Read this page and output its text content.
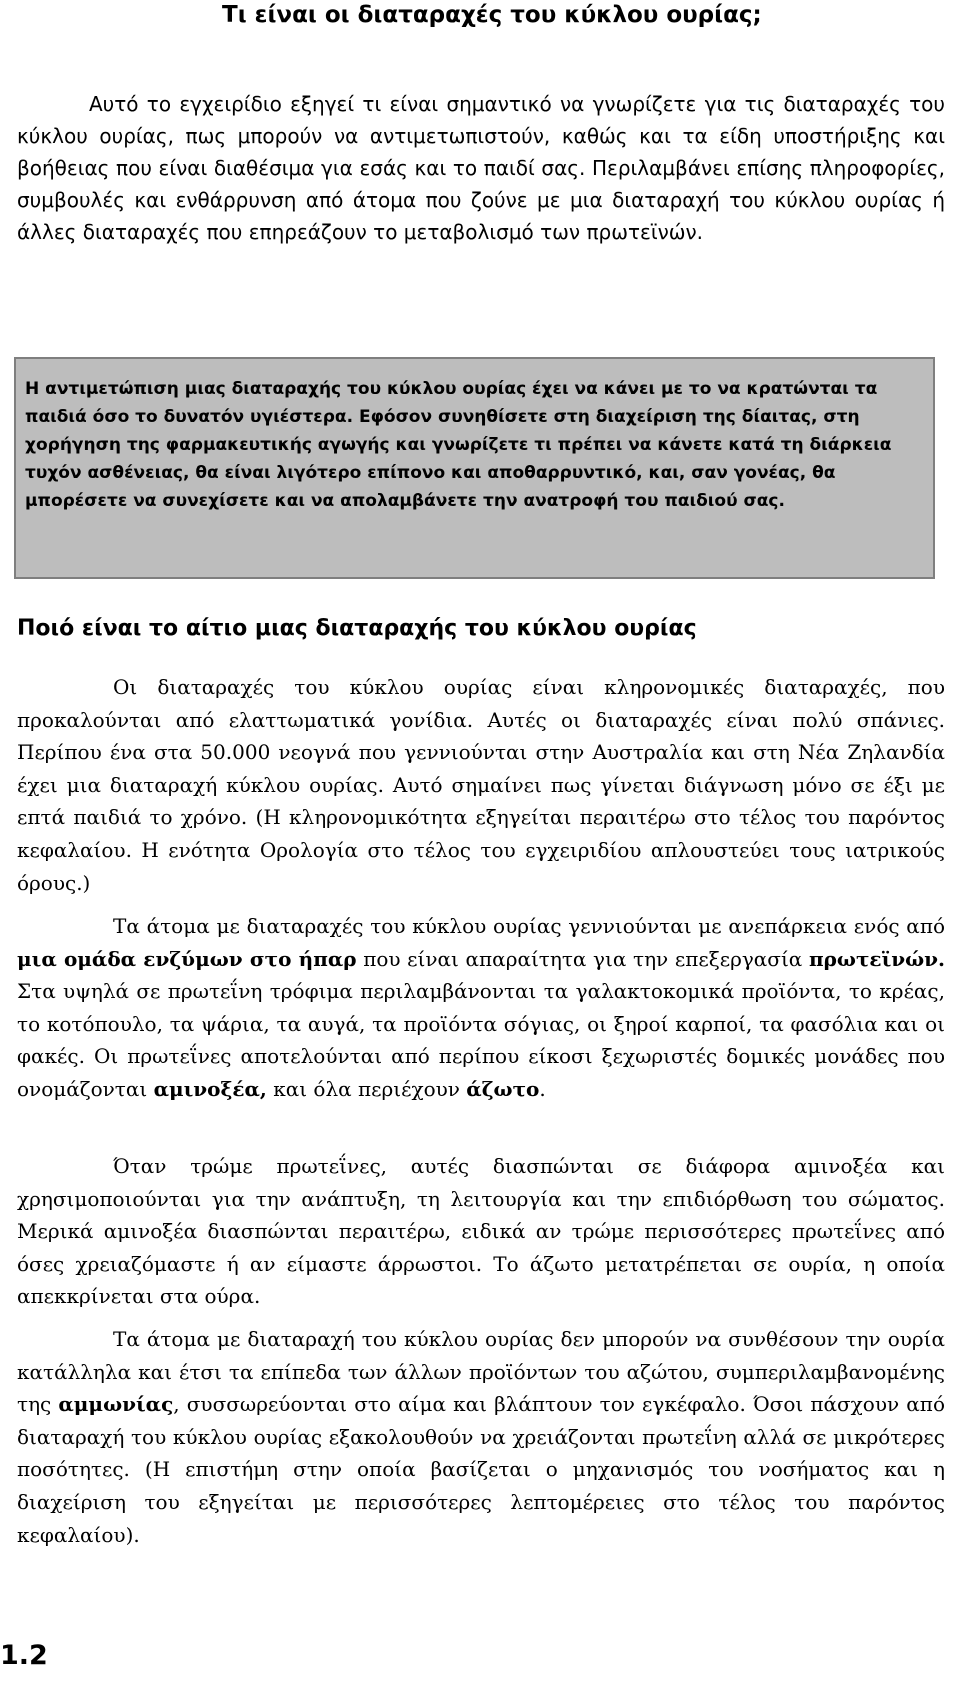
Τι είναι οι διαταραχές του κύκλου ουρίας;

Αυτό το εγχειρίδιο εξηγεί τι είναι σημαντικό να γνωρίζετε για τις διαταραχές του κύκλου ουρίας, πως μπορούν να αντιμετωπιστούν, καθώς και τα είδη υποστήριξης και βοήθειας που είναι διαθέσιμα για εσάς και το παιδί σας. Περιλαμβάνει επίσης πληροφορίες, συμβουλές και ενθάρρυνση από άτομα που ζούνε με μια διαταραχή του κύκλου ουρίας ή άλλες διαταραχές που επηρεάζουν το μεταβολισμό των πρωτεϊνών.

Η αντιμετώπιση μιας διαταραχής του κύκλου ουρίας έχει να κάνει με το να κρατώνται τα παιδιά όσο το δυνατόν υγιέστερα. Εφόσον συνηθίσετε στη διαχείριση της δίαιτας, στη χορήγηση της φαρμακευτικής αγωγής και γνωρίζετε τι πρέπει να κάνετε κατά τη διάρκεια τυχόν ασθένειας, θα είναι λιγότερο επίπονο και αποθαρρυντικό, και, σαν γονέας, θα μπορέσετε να συνεχίσετε και να απολαμβάνετε την ανατροφή του παιδιού σας.

Ποιό είναι το αίτιο μιας διαταραχής του κύκλου ουρίας

Οι διαταραχές του κύκλου ουρίας είναι κληρονομικές διαταραχές, που προκαλούνται από ελαττωματικά γονίδια. Αυτές οι διαταραχές είναι πολύ σπάνιες. Περίπου ένα στα 50.000 νεογνά που γεννιούνται στην Αυστραλία και στη Νέα Ζηλανδία έχει μια διαταραχή κύκλου ουρίας. Αυτό σημαίνει πως γίνεται διάγνωση μόνο σε έξι με επτά παιδιά το χρόνο. (Η κληρονομικότητα εξηγείται περαιτέρω στο τέλος του παρόντος κεφαλαίου. Η ενότητα Ορολογία στο τέλος του εγχειριδίου απλουστεύει τους ιατρικούς όρους.)

Τα άτομα με διαταραχές του κύκλου ουρίας γεννιούνται με ανεπάρκεια ενός από μια ομάδα ενζύμων στο ήπαρ που είναι απαραίτητα για την επεξεργασία πρωτεϊνών. Στα υψηλά σε πρωτεΐνη τρόφιμα περιλαμβάνονται τα γαλακτοκομικά προϊόντα, το κρέας, το κοτόπουλο, τα ψάρια, τα αυγά, τα προϊόντα σόγιας, οι ξηροί καρποί, τα φασόλια και οι φακές. Οι πρωτεΐνες αποτελούνται από περίπου είκοσι ξεχωριστές δομικές μονάδες που ονομάζονται αμινοξέα, και όλα περιέχουν άζωτο.

Όταν τρώμε πρωτεΐνες, αυτές διασπώνται σε διάφορα αμινοξέα και χρησιμοποιούνται για την ανάπτυξη, τη λειτουργία και την επιδιόρθωση του σώματος. Μερικά αμινοξέα διασπώνται περαιτέρω, ειδικά αν τρώμε περισσότερες πρωτεΐνες από όσες χρειαζόμαστε ή αν είμαστε άρρωστοι. Το άζωτο μετατρέπεται σε ουρία, η οποία απεκκρίνεται στα ούρα.

Τα άτομα με διαταραχή του κύκλου ουρίας δεν μπορούν να συνθέσουν την ουρία κατάλληλα και έτσι τα επίπεδα των άλλων προϊόντων του αζώτου, συμπεριλαμβανομένης της αμμωνίας, συσσωρεύονται στο αίμα και βλάπτουν τον εγκέφαλο. Όσοι πάσχουν από διαταραχή του κύκλου ουρίας εξακολουθούν να χρειάζονται πρωτεΐνη αλλά σε μικρότερες ποσότητες. (Η επιστήμη στην οποία βασίζεται ο μηχανισμός του νοσήματος και η διαχείριση του εξηγείται με περισσότερες λεπτομέρειες στο τέλος του παρόντος κεφαλαίου).

1.2
